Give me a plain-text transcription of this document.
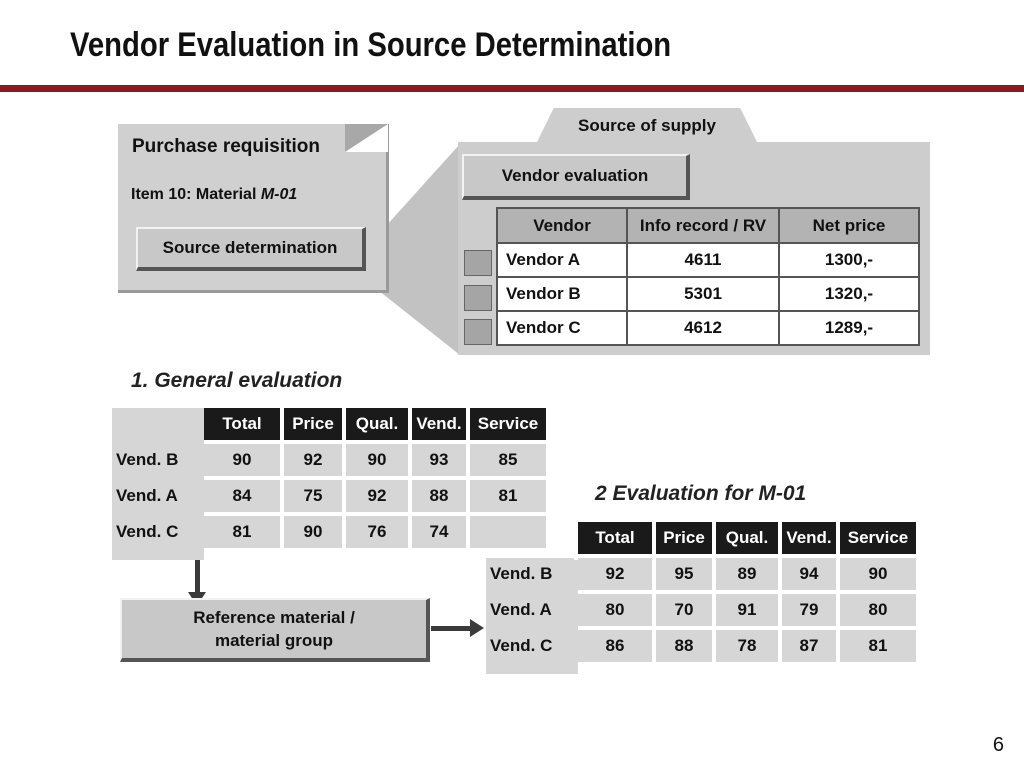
Vendor Evaluation in Source Determination
Purchase requisition
Item 10: Material M-01
Source determination
Source of supply
Vendor evaluation
Vendor	Info record / RV	Net price
Vendor A	4611	1300,-
Vendor B	5301	1320,-
Vendor C	4612	1289,-
1. General evaluation
	Total	Price	Qual.	Vend.	Service
Vend. B	90	92	90	93	85
Vend. A	84	75	92	88	81
Vend. C	81	90	76	74	
Reference material /
material group
2 Evaluation for M-01
	Total	Price	Qual.	Vend.	Service
Vend. B	92	95	89	94	90
Vend. A	80	70	91	79	80
Vend. C	86	88	78	87	81
6
